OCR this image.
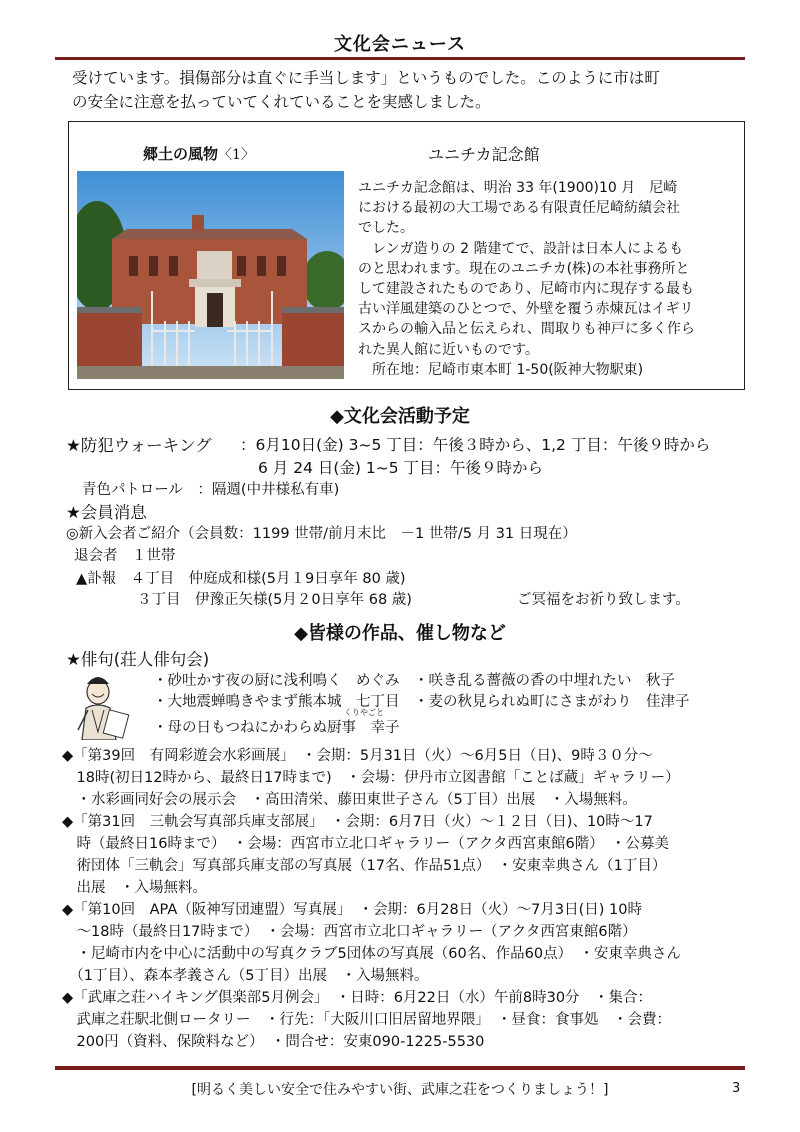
文化会ニュース
受けています。損傷部分は直ぐに手当します」というものでした。このように市は町
の安全に注意を払っていてくれていることを実感しました。
郷土の風物〈1〉	ユニチカ記念館
ユニチカ記念館は、明治 33 年(1900)10 月　尼崎
における最初の大工場である有限責任尼崎紡績会社
でした。
　レンガ造りの 2 階建てで、設計は日本人によるも
のと思われます。現在のユニチカ(株)の本社事務所と
して建設されたものであり、尼崎市内に現存する最も
古い洋風建築のひとつで、外壁を覆う赤煉瓦はイギリ
スからの輸入品と伝えられ、間取りも神戸に多く作ら
れた異人館に近いものです。
　所在地：尼崎市東本町 1-50(阪神大物駅東)
◆文化会活動予定
★防犯ウォーキング ：6月10日(金) 3~5 丁目：午後３時から、1,2 丁目：午後９時から
6 月 24 日(金) 1~5 丁目：午後９時から
青色パトロール　：隔週(中井様私有車)
★会員消息
◎新入会者ご紹介（会員数：1199 世帯/前月末比　－1 世帯/5 月 31 日現在）
退会者　１世帯
▲訃報　４丁目　仲庭成和様(5月１9日享年 80 歳)
３丁目　伊豫正矢様(5月２0日享年 68 歳)	ご冥福をお祈り致します。
◆皆様の作品、催し物など
★俳句(荘人俳句会)
・砂吐かす夜の厨に浅利鳴く　めぐみ　・咲き乱る薔薇の香の中埋れたい　秋子
・大地震蝉鳴きやまず熊本城　七丁目　・麦の秋見られぬ町にさまがわり　佳津子
くりやごと
・母の日もつねにかわらぬ厨事　幸子
◆「第39回　有岡彩遊会水彩画展」　・会期：5月31日（火）～6月5日（日)、9時３０分～
　18時(初日12時から、最終日17時まで)　・会場：伊丹市立図書館「ことば蔵」ギャラリー）
　・水彩画同好会の展示会　・高田清栄、藤田東世子さん（5丁目）出展　・入場無料。
◆「第31回　三軌会写真部兵庫支部展」　・会期：6月7日（火）～１２日（日)、10時～17
　時（最終日16時まで）　・会場：西宮市立北口ギャラリー（アクタ西宮東館6階）　・公募美
　術団体「三軌会」写真部兵庫支部の写真展（17名、作品51点）　・安東幸典さん（1丁目）
　出展　・入場無料。
◆「第10回　APA（阪神写団連盟）写真展」　・会期：6月28日（火）～7月3日(日) 10時
　～18時（最終日17時まで）　・会場：西宮市立北口ギャラリー（アクタ西宮東館6階）
　・尼崎市内を中心に活動中の写真クラブ5団体の写真展（60名、作品60点）　・安東幸典さん
　（1丁目）、森本孝義さん（5丁目）出展　・入場無料。
◆「武庫之荘ハイキング倶楽部5月例会」　・日時：6月22日（水）午前8時30分　・集合：
　武庫之荘駅北側ロータリー　・行先：「大阪川口旧居留地界隈」　・昼食：食事処　・会費：
　200円（資料、保険料など）　・問合せ：安東090-1225-5530
[明るく美しい安全で住みやすい街、武庫之荘をつくりましょう！]	3
